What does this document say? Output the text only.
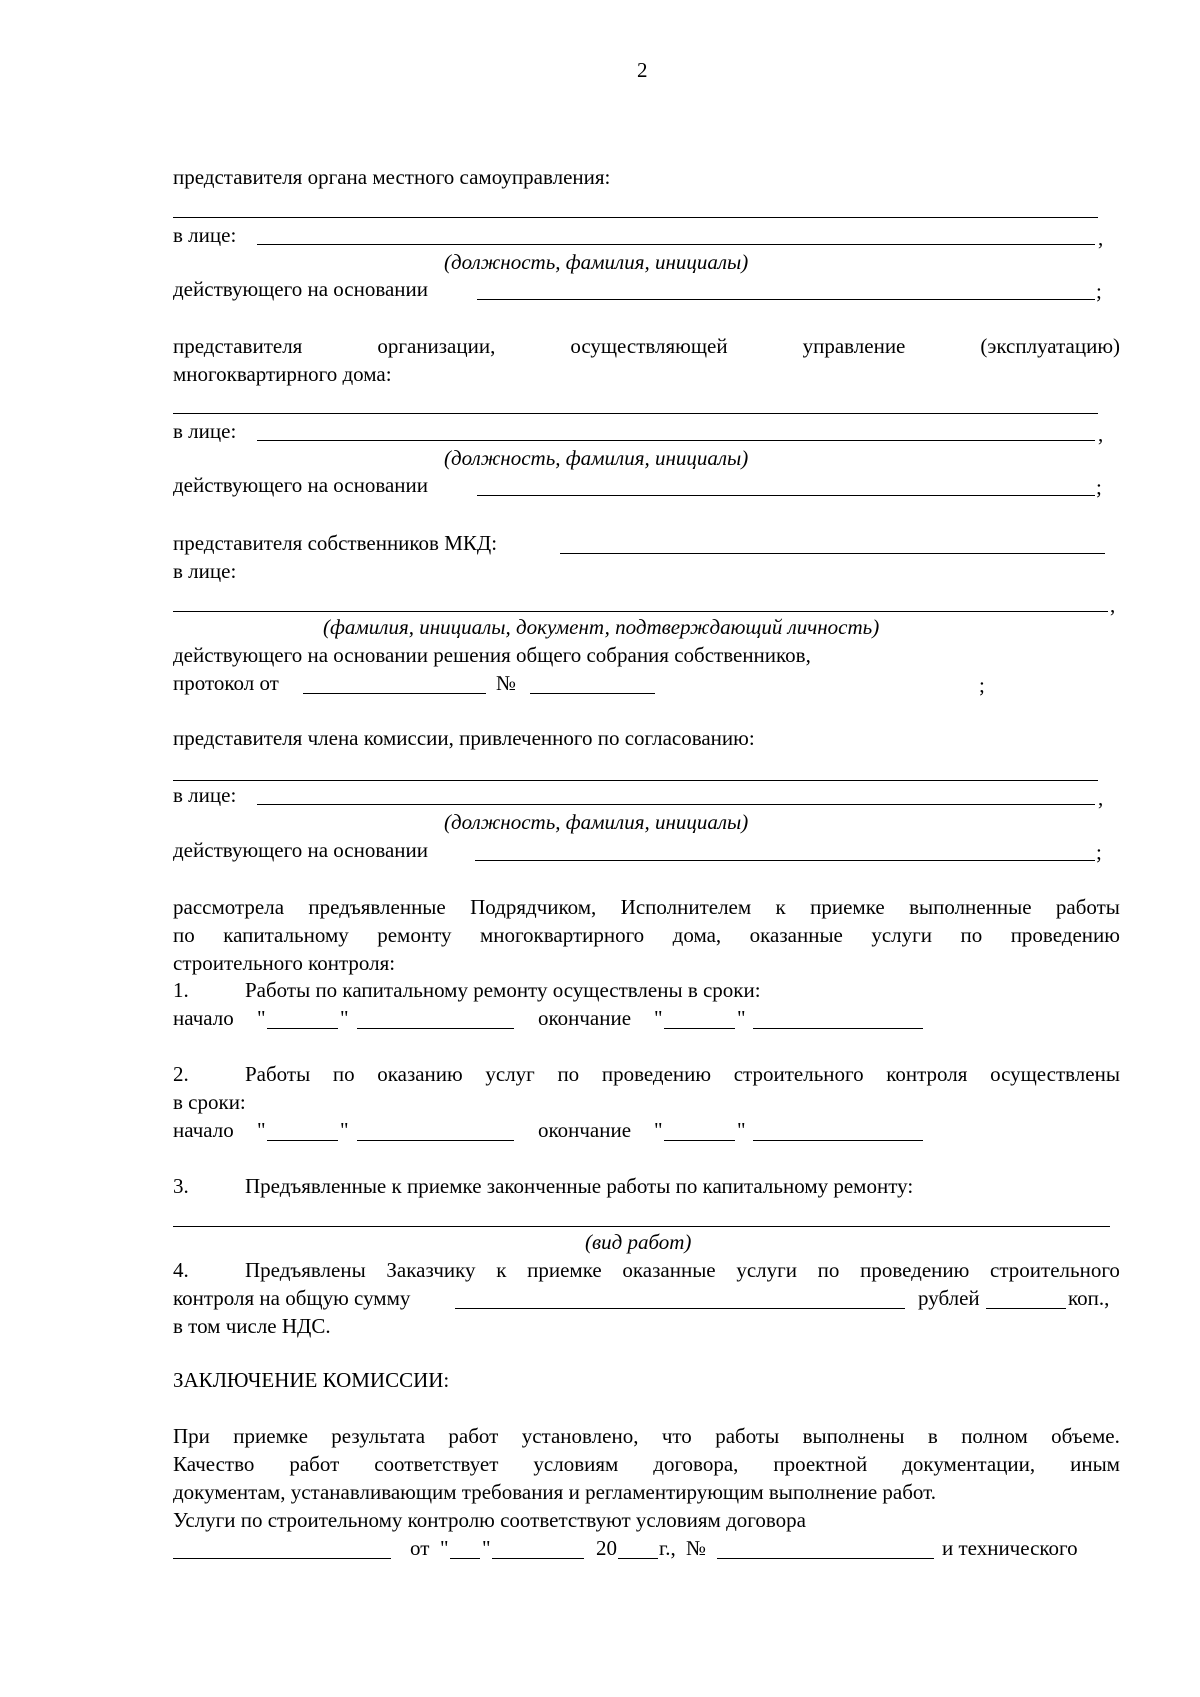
2
представителя органа местного самоуправления:
в лице:	,
(должность, фамилия, инициалы)
действующего на основании	;
представителя	организации,	осуществляющей	управление	(эксплуатацию)
многоквартирного дома:
в лице:	,
(должность, фамилия, инициалы)
действующего на основании	;
представителя собственников МКД:
в лице:
,
(фамилия, инициалы, документ, подтверждающий личность)
действующего на основании решения общего собрания собственников,
протокол от	№	;
представителя члена комиссии, привлеченного по согласованию:
в лице:	,
(должность, фамилия, инициалы)
действующего на основании	;
рассмотрела предъявленные Подрядчиком, Исполнителем к приемке выполненные работы
по капитальному ремонту многоквартирного дома, оказанные услуги по проведению
строительного контроля:
1.	Работы по капитальному ремонту осуществлены в сроки:
начало "	"	окончание "	"
2.	Работы по оказанию услуг по проведению строительного контроля осуществлены
в сроки:
начало "	"	окончание "	"
3.	Предъявленные к приемке законченные работы по капитальному ремонту:
(вид работ)
4.	Предъявлены Заказчику к приемке оказанные услуги по проведению строительного
контроля на общую сумму	рублей	коп.,
в том числе НДС.
ЗАКЛЮЧЕНИЕ КОМИССИИ:
При приемке результата работ установлено, что работы выполнены в полном объеме.
Качество работ соответствует условиям договора, проектной документации, иным
документам, устанавливающим требования и регламентирующим выполнение работ.
Услуги по строительному контролю соответствуют условиям договора
от " "	20 г., №	и технического
